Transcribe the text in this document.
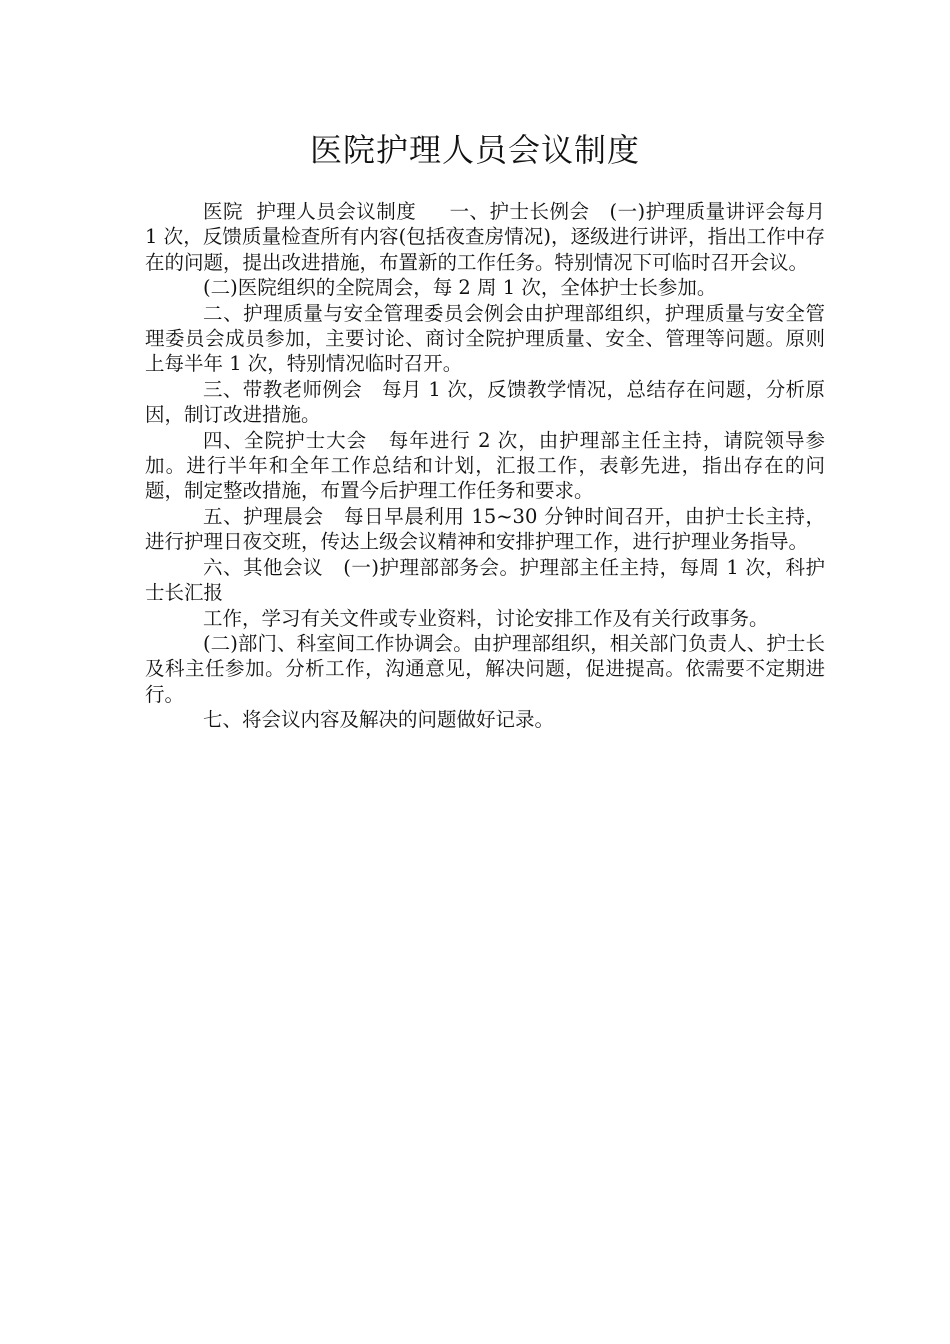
医院护理人员会议制度

医院  护理人员会议制度     一、护士长例会   (一)护理质量讲评会每月 1 次，反馈质量检查所有内容(包括夜查房情况)，逐级进行讲评，指出工作中存在的问题，提出改进措施，布置新的工作任务。特别情况下可临时召开会议。

(二)医院组织的全院周会，每 2 周 1 次，全体护士长参加。

二、护理质量与安全管理委员会例会由护理部组织，护理质量与安全管理委员会成员参加，主要讨论、商讨全院护理质量、安全、管理等问题。原则上每半年 1 次，特别情况临时召开。

三、带教老师例会   每月 1 次，反馈教学情况，总结存在问题，分析原因，制订改进措施。

四、全院护士大会   每年进行 2 次，由护理部主任主持，请院领导参加。进行半年和全年工作总结和计划，汇报工作，表彰先进，指出存在的问题，制定整改措施，布置今后护理工作任务和要求。

五、护理晨会   每日早晨利用 15~30 分钟时间召开，由护士长主持，进行护理日夜交班，传达上级会议精神和安排护理工作，进行护理业务指导。

六、其他会议   (一)护理部部务会。护理部主任主持，每周 1 次，科护士长汇报

工作，学习有关文件或专业资料，讨论安排工作及有关行政事务。

(二)部门、科室间工作协调会。由护理部组织，相关部门负责人、护士长及科主任参加。分析工作，沟通意见，解决问题，促进提高。依需要不定期进行。

七、将会议内容及解决的问题做好记录。
